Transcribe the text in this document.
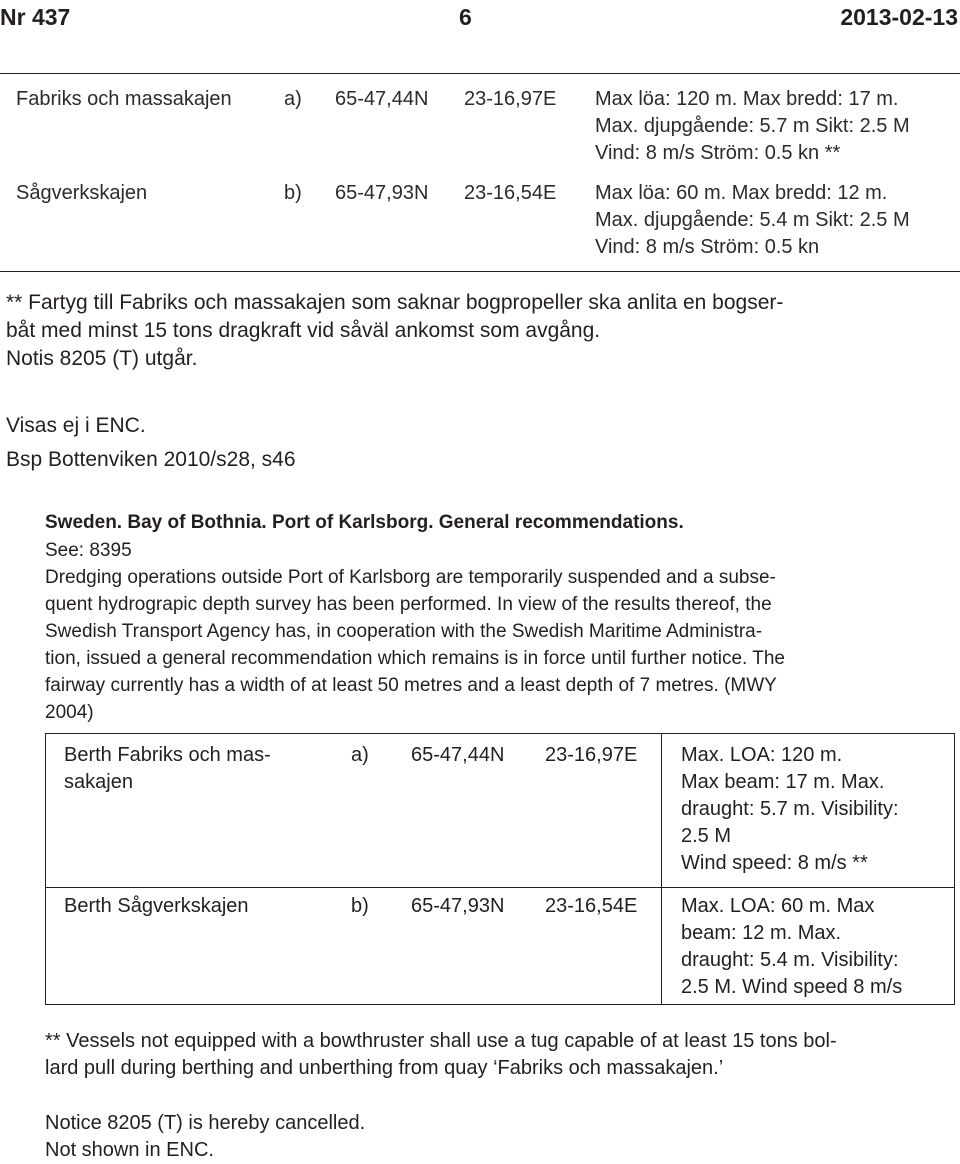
Nr 437	6	2013-02-13
Fabriks och massakajen	a) 65-47,44N 23-16,97E Max löa: 120 m. Max bredd: 17 m.
Max. djupgående: 5.7 m Sikt: 2.5 M
Vind: 8 m/s Ström: 0.5 kn **
Sågverkskajen	b) 65-47,93N 23-16,54E Max löa: 60 m. Max bredd: 12 m.
Max. djupgående: 5.4 m Sikt: 2.5 M
Vind: 8 m/s Ström: 0.5 kn
** Fartyg till Fabriks och massakajen som saknar bogpropeller ska anlita en bogser-
båt med minst 15 tons dragkraft vid såväl ankomst som avgång.
Notis 8205 (T) utgår.
Visas ej i ENC.
Bsp Bottenviken 2010/s28, s46
Sweden. Bay of Bothnia. Port of Karlsborg. General recommendations.
See: 8395
Dredging operations outside Port of Karlsborg are temporarily suspended and a subse-
quent hydrograpic depth survey has been performed. In view of the results thereof, the
Swedish Transport Agency has, in cooperation with the Swedish Maritime Administra-
tion, issued a general recommendation which remains is in force until further notice. The
fairway currently has a width of at least 50 metres and a least depth of 7 metres. (MWY
2004)
Berth Fabriks och mas-
sakajen
a) 65-47,44N 23-16,97E Max. LOA: 120 m.
Max beam: 17 m. Max.
draught: 5.7 m. Visibility:
2.5 M
Wind speed: 8 m/s **
Berth Sågverkskajen	b) 65-47,93N 23-16,54E Max. LOA: 60 m. Max
beam: 12 m. Max.
draught: 5.4 m. Visibility:
2.5 M. Wind speed 8 m/s
** Vessels not equipped with a bowthruster shall use a tug capable of at least 15 tons bol-
lard pull during berthing and unberthing from quay ‘Fabriks och massakajen.’
Notice 8205 (T) is hereby cancelled.
Not shown in ENC.
